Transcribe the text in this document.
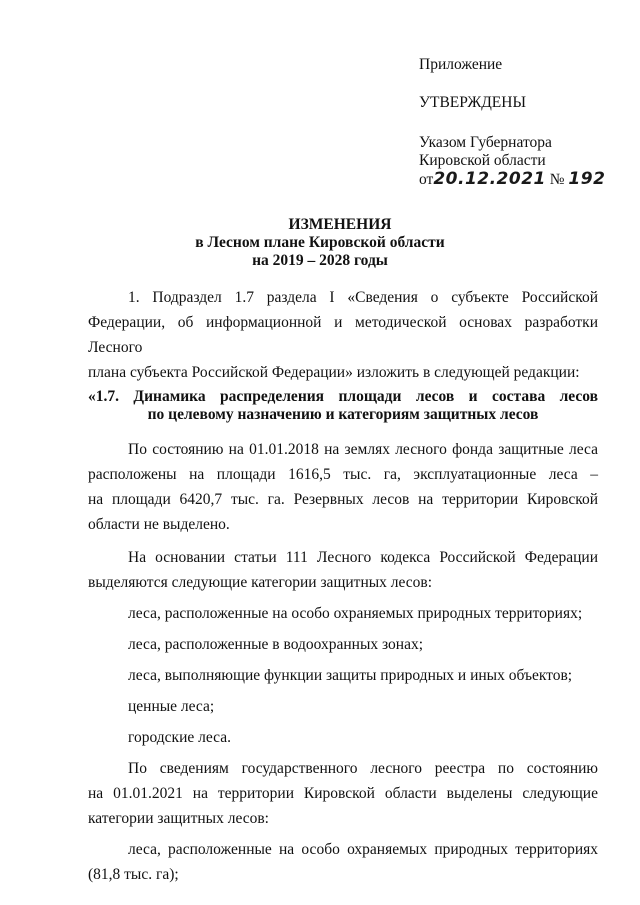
Приложение
УТВЕРЖДЕНЫ
Указом Губернатора
Кировской области
от20.12.2021 № 192
ИЗМЕНЕНИЯ
в Лесном плане Кировской области
на 2019 – 2028 годы
1. Подраздел 1.7 раздела I «Сведения о субъекте Российской
Федерации, об информационной и методической основах разработки Лесного
плана субъекта Российской Федерации» изложить в следующей редакции:
«1.7. Динамика распределения площади лесов и состава лесов
по целевому назначению и категориям защитных лесов
По состоянию на 01.01.2018 на землях лесного фонда защитные леса
расположены на площади 1616,5 тыс. га, эксплуатационные леса –
на площади 6420,7 тыс. га. Резервных лесов на территории Кировской
области не выделено.
На основании статьи 111 Лесного кодекса Российской Федерации
выделяются следующие категории защитных лесов:
леса, расположенные на особо охраняемых природных территориях;
леса, расположенные в водоохранных зонах;
леса, выполняющие функции защиты природных и иных объектов;
ценные леса;
городские леса.
По сведениям государственного лесного реестра по состоянию
на 01.01.2021 на территории Кировской области выделены следующие
категории защитных лесов:
леса, расположенные на особо охраняемых природных территориях
(81,8 тыс. га);
